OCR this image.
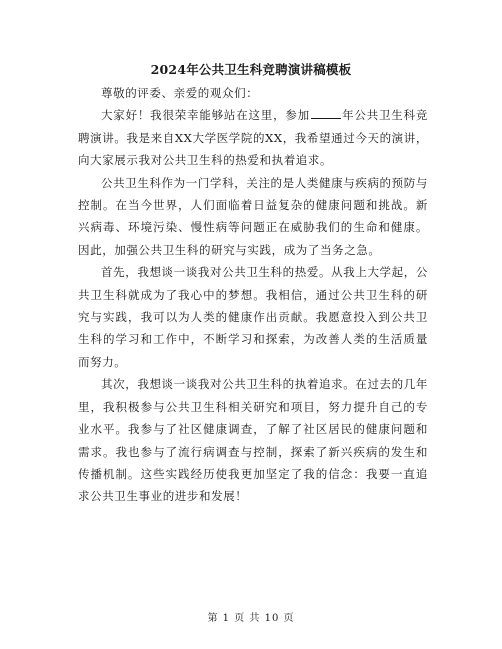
2024年公共卫生科竞聘演讲稿模板

尊敬的评委、亲爱的观众们：

大家好！我很荣幸能够站在这里，参加	年公共卫生科竞聘演讲。我是来自XX大学医学院的XX，我希望通过今天的演讲，向大家展示我对公共卫生科的热爱和执着追求。

公共卫生科作为一门学科，关注的是人类健康与疾病的预防与控制。在当今世界，人们面临着日益复杂的健康问题和挑战。新兴病毒、环境污染、慢性病等问题正在威胁我们的生命和健康。因此，加强公共卫生科的研究与实践，成为了当务之急。

首先，我想谈一谈我对公共卫生科的热爱。从我上大学起，公共卫生科就成为了我心中的梦想。我相信，通过公共卫生科的研究与实践，我可以为人类的健康作出贡献。我愿意投入到公共卫生科的学习和工作中，不断学习和探索，为改善人类的生活质量而努力。

其次，我想谈一谈我对公共卫生科的执着追求。在过去的几年里，我积极参与公共卫生科相关研究和项目，努力提升自己的专业水平。我参与了社区健康调查，了解了社区居民的健康问题和需求。我也参与了流行病调查与控制，探索了新兴疾病的发生和传播机制。这些实践经历使我更加坚定了我的信念：我要一直追求公共卫生事业的进步和发展！

第 1 页 共 10 页
